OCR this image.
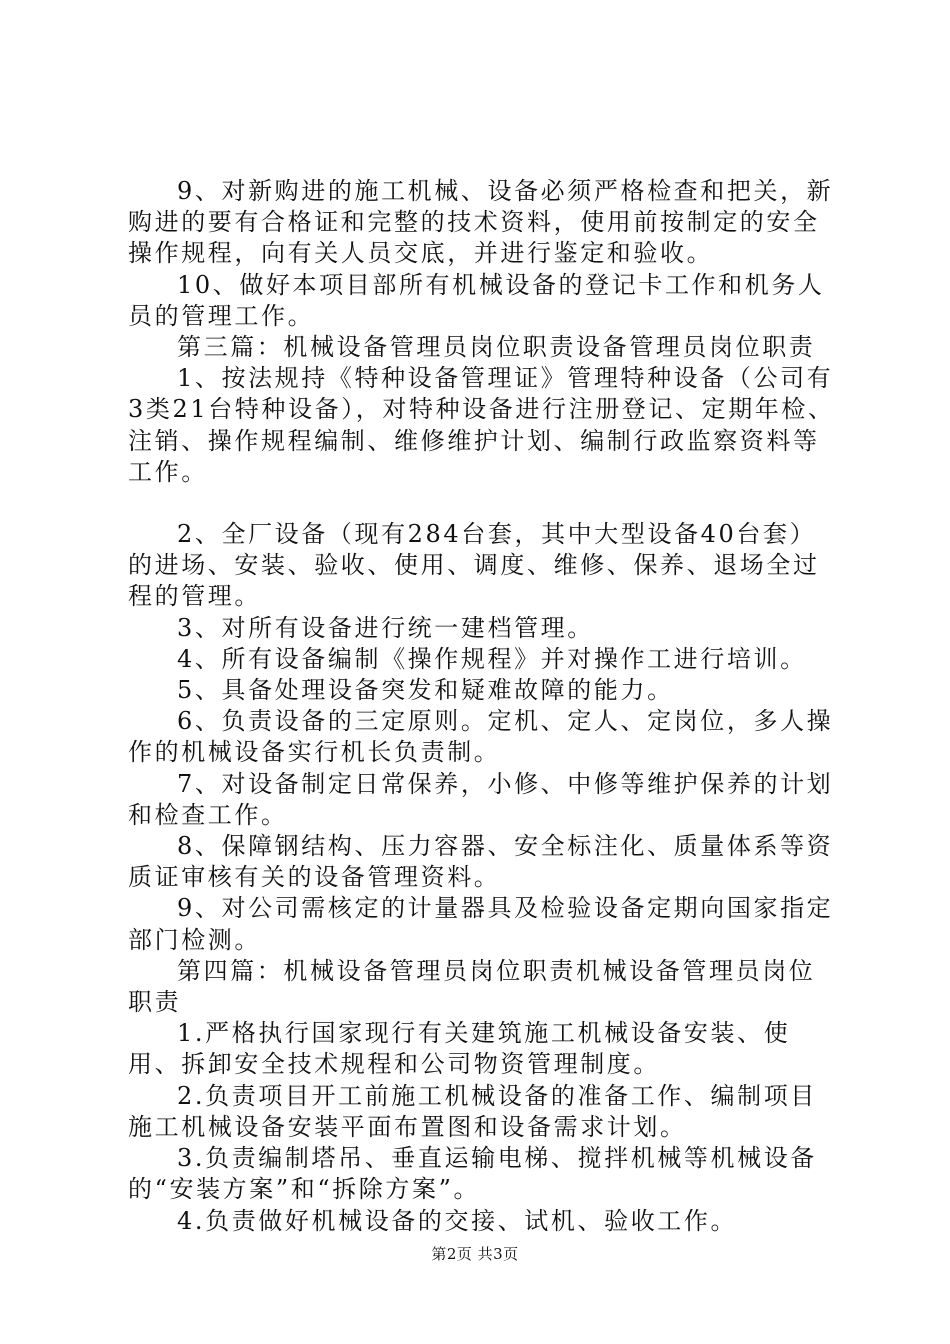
9、对新购进的施工机械、设备必须严格检查和把关，新购进的要有合格证和完整的技术资料，使用前按制定的安全操作规程，向有关人员交底，并进行鉴定和验收。

10、做好本项目部所有机械设备的登记卡工作和机务人员的管理工作。

第三篇：机械设备管理员岗位职责设备管理员岗位职责

1、按法规持《特种设备管理证》管理特种设备（公司有3类21台特种设备），对特种设备进行注册登记、定期年检、注销、操作规程编制、维修维护计划、编制行政监察资料等工作。

2、全厂设备（现有284台套，其中大型设备40台套）的进场、安装、验收、使用、调度、维修、保养、退场全过程的管理。

3、对所有设备进行统一建档管理。

4、所有设备编制《操作规程》并对操作工进行培训。

5、具备处理设备突发和疑难故障的能力。

6、负责设备的三定原则。定机、定人、定岗位，多人操作的机械设备实行机长负责制。

7、对设备制定日常保养，小修、中修等维护保养的计划和检查工作。

8、保障钢结构、压力容器、安全标注化、质量体系等资质证审核有关的设备管理资料。

9、对公司需核定的计量器具及检验设备定期向国家指定部门检测。

第四篇：机械设备管理员岗位职责机械设备管理员岗位职责

1.严格执行国家现行有关建筑施工机械设备安装、使用、拆卸安全技术规程和公司物资管理制度。

2.负责项目开工前施工机械设备的准备工作、编制项目施工机械设备安装平面布置图和设备需求计划。

3.负责编制塔吊、垂直运输电梯、搅拌机械等机械设备的“安装方案”和“拆除方案”。

4.负责做好机械设备的交接、试机、验收工作。

第2页 共3页
